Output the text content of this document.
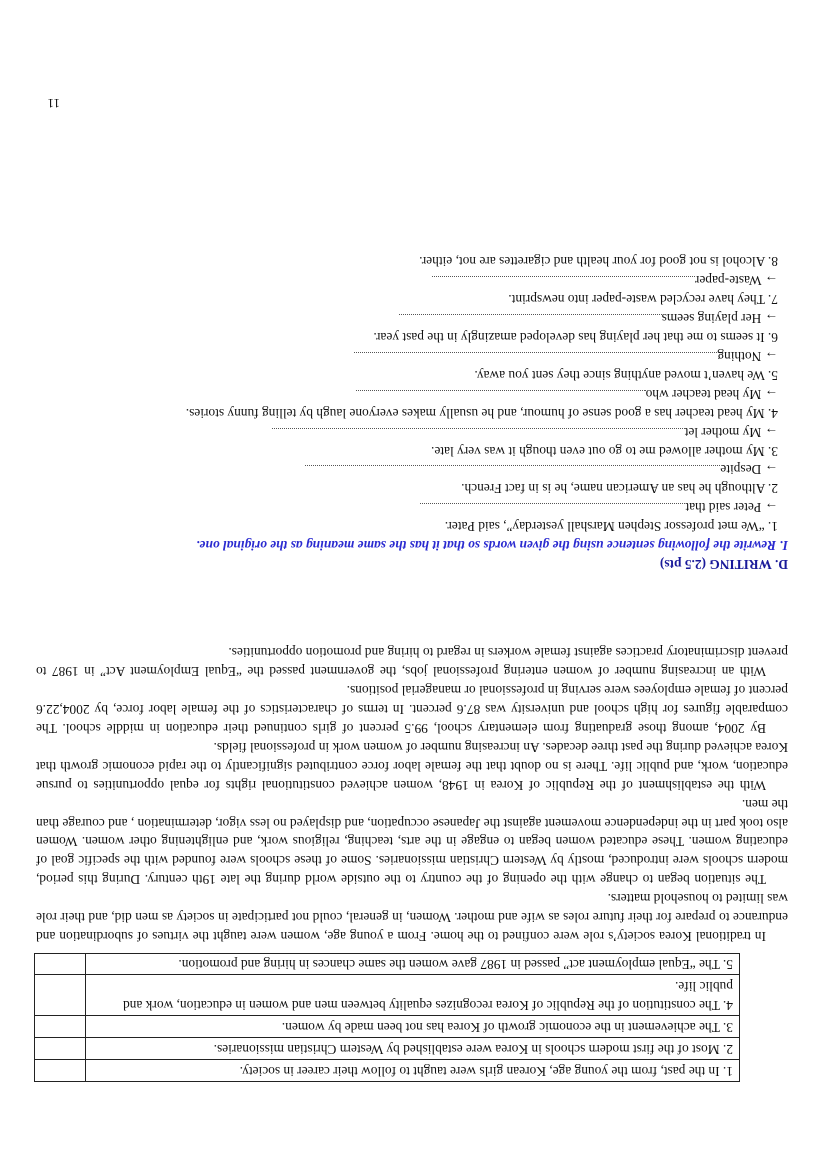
1. In the past, from the young age, Korean girls were taught to follow their career in society.	
2. Most of the first modern schools in Korea were established by Western Christian missionaries.	
3. The achievement in the economic growth of Korea has not been made by women.	
4. The constitution of the Republic of Korea recognizes equality between men and women in education, work and public life.	
5. The “Equal employment act” passed in 1987 gave women the same chances in hiring and promotion.	

In traditional Korea society’s role were confined to the home. From a young age, women were taught the virtues of subordination and endurance to prepare for their future roles as wife and mother. Women, in general, could not participate in society as men did, and their role was limited to household matters.

The situation began to change with the opening of the country to the outside world during the late 19th century. During this period, modern schools were introduced, mostly by Western Christian missionaries. Some of these schools were founded with the specific goal of educating women. These educated women began to engage in the arts, teaching, religious work, and enlightening other women. Women also took part in the independence movement against the Japanese occupation, and displayed no less vigor, determination , and courage than the men.

With the establishment of the Republic of Korea in 1948, women achieved constitutional rights for equal opportunities to pursue education, work, and public life. There is no doubt that the female labor force contributed significantly to the rapid economic growth that Korea achieved during the past three decades. An increasing number of women work in professional fields.

By 2004, among those graduating from elementary school, 99.5 percent of girls continued their education in middle school. The comparable figures for high school and university was 87.6 percent. In terms of characteristics of the female labor force, by 2004,22.6 percent of female employees were serving in professional or managerial positions.

With an increasing number of women entering professional jobs, the government passed the “Equal Employment Act” in 1987 to prevent discriminatory practices against female workers in regard to hiring and promotion opportunities.

D. WRITING (2.5 pts)

I. Rewrite the following sentence using the given words so that it has the same meaning as the original one.

1. “We met professor Stephen Marshall yesterday”, said Pater.

→ Peter said that

2. Although he has an American name, he is in fact French.

→ Despite

3. My mother allowed me to go out even though it was very late.

→ My mother let

4. My head teacher has a good sense of humour, and he usually makes everyone laugh by telling funny stories.

→ My head teacher who

5. We haven’t moved anything since they sent you away.

→ Nothing

6. It seems to me that her playing has developed amazingly in the past year.

→ Her playing seems

7. They have recycled waste-paper into newsprint.

→ Waste-paper

8. Alcohol is not good for your health and cigarettes are not, either.

11
